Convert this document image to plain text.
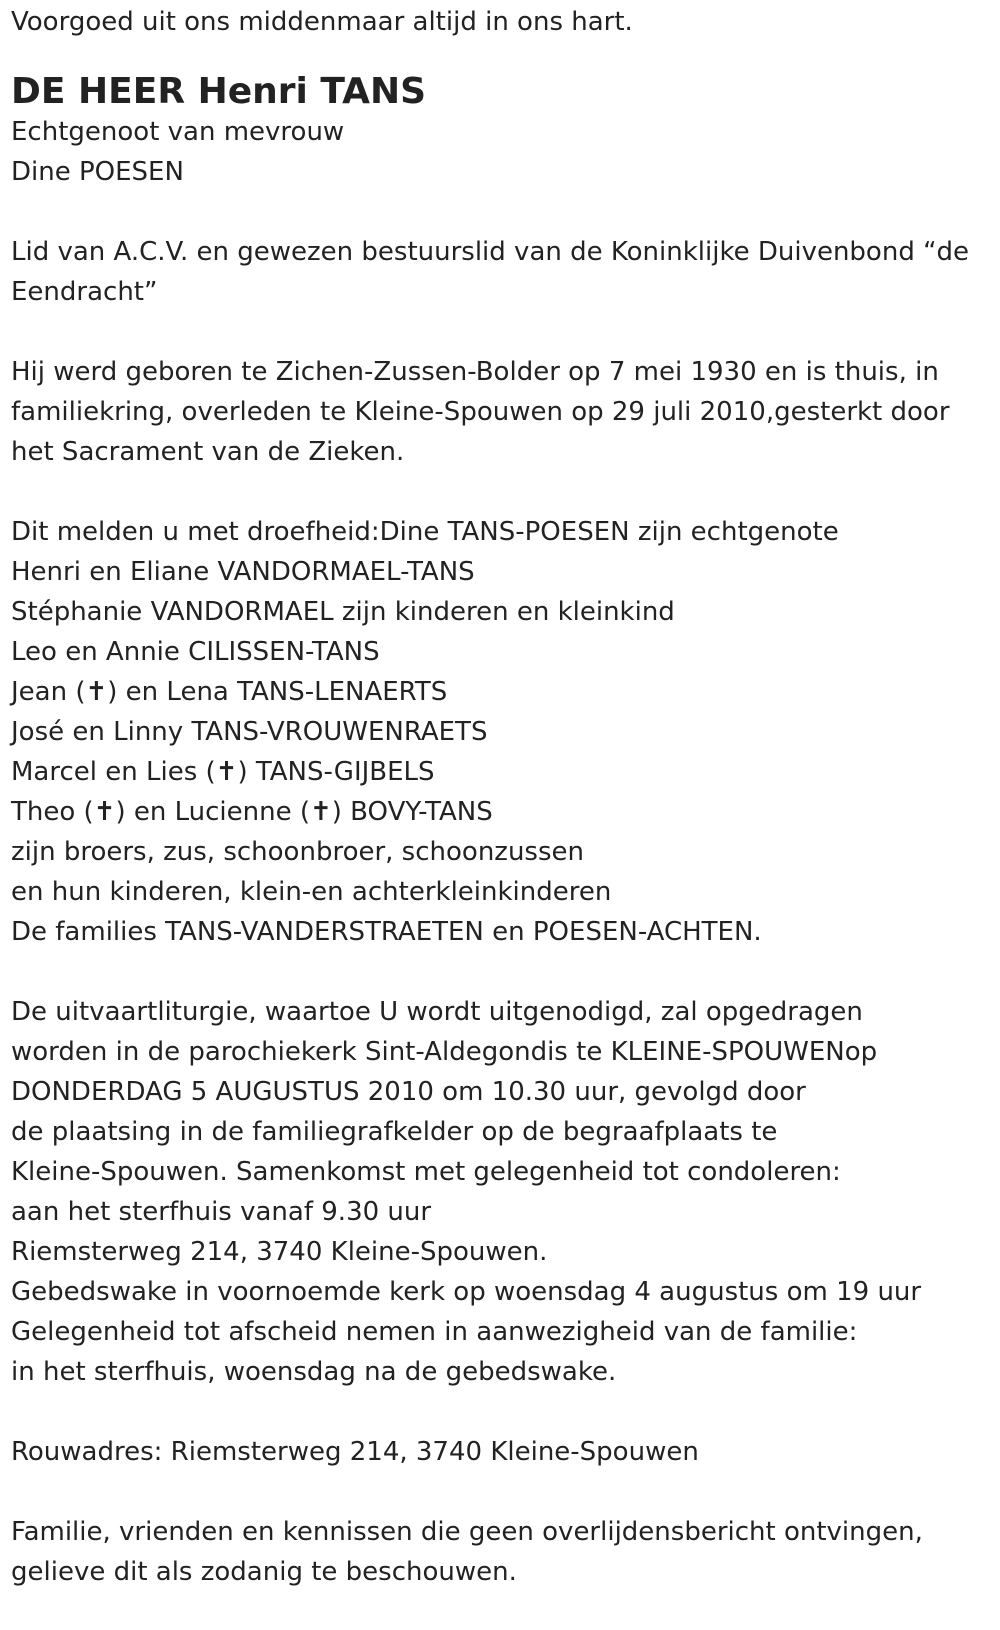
Voorgoed uit ons middenmaar altijd in ons hart.
DE HEER Henri TANS
Echtgenoot van mevrouw
Dine POESEN
Lid van A.C.V. en gewezen bestuurslid van de Koninklijke Duivenbond “de
Eendracht”
Hij werd geboren te Zichen-Zussen-Bolder op 7 mei 1930 en is thuis, in
familiekring, overleden te Kleine-Spouwen op 29 juli 2010,gesterkt door
het Sacrament van de Zieken.
Dit melden u met droefheid:Dine TANS-POESEN zijn echtgenote
Henri en Eliane VANDORMAEL-TANS
Stéphanie VANDORMAEL zijn kinderen en kleinkind
Leo en Annie CILISSEN-TANS
Jean (✝) en Lena TANS-LENAERTS
José en Linny TANS-VROUWENRAETS
Marcel en Lies (✝) TANS-GIJBELS
Theo (✝) en Lucienne (✝) BOVY-TANS
zijn broers, zus, schoonbroer, schoonzussen
en hun kinderen, klein-en achterkleinkinderen
De families TANS-VANDERSTRAETEN en POESEN-ACHTEN.
De uitvaartliturgie, waartoe U wordt uitgenodigd, zal opgedragen
worden in de parochiekerk Sint-Aldegondis te KLEINE-SPOUWENop
DONDERDAG 5 AUGUSTUS 2010 om 10.30 uur, gevolgd door
de plaatsing in de familiegrafkelder op de begraafplaats te
Kleine-Spouwen. Samenkomst met gelegenheid tot condoleren:
aan het sterfhuis vanaf 9.30 uur
Riemsterweg 214, 3740 Kleine-Spouwen.
Gebedswake in voornoemde kerk op woensdag 4 augustus om 19 uur
Gelegenheid tot afscheid nemen in aanwezigheid van de familie:
in het sterfhuis, woensdag na de gebedswake.
Rouwadres: Riemsterweg 214, 3740 Kleine-Spouwen
Familie, vrienden en kennissen die geen overlijdensbericht ontvingen,
gelieve dit als zodanig te beschouwen.
